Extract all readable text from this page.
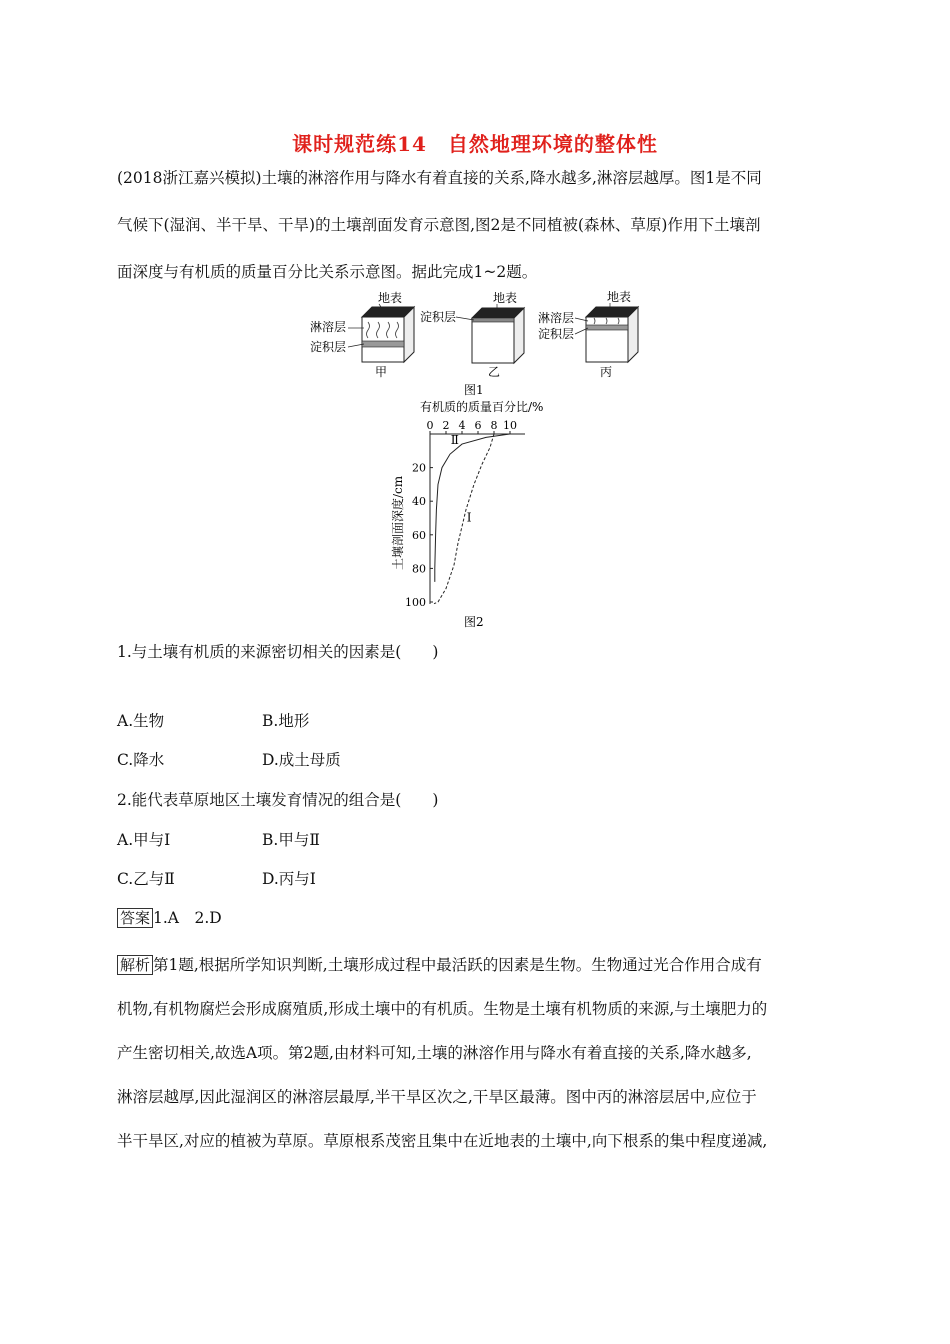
课时规范练14　自然地理环境的整体性

(2018浙江嘉兴模拟)土壤的淋溶作用与降水有着直接的关系,降水越多,淋溶层越厚。图1是不同

气候下(湿润、半干旱、干旱)的土壤剖面发育示意图,图2是不同植被(森林、草原)作用下土壤剖

面深度与有机质的质量百分比关系示意图。据此完成1~2题。

地表
淋溶层
淀积层
甲
地表
淀积层
乙
地表
淋溶层
淀积层
丙
图1
有机质的质量百分比/%
土壤剖面深度/cm
0 2 4 6 8 10
20
40
60
80
100
Ⅱ
Ⅰ
图2
1.与土壤有机质的来源密切相关的因素是(　　)
A.生物	B.地形
C.降水	D.成土母质
2.能代表草原地区土壤发育情况的组合是(　　)
A.甲与Ⅰ	B.甲与Ⅱ
C.乙与Ⅱ	D.丙与Ⅰ
答案 1.A　2.D
解析 第1题,根据所学知识判断,土壤形成过程中最活跃的因素是生物。生物通过光合作用合成有
机物,有机物腐烂会形成腐殖质,形成土壤中的有机质。生物是土壤有机物质的来源,与土壤肥力的
产生密切相关,故选A项。第2题,由材料可知,土壤的淋溶作用与降水有着直接的关系,降水越多,
淋溶层越厚,因此湿润区的淋溶层最厚,半干旱区次之,干旱区最薄。图中丙的淋溶层居中,应位于
半干旱区,对应的植被为草原。草原根系茂密且集中在近地表的土壤中,向下根系的集中程度递减,
